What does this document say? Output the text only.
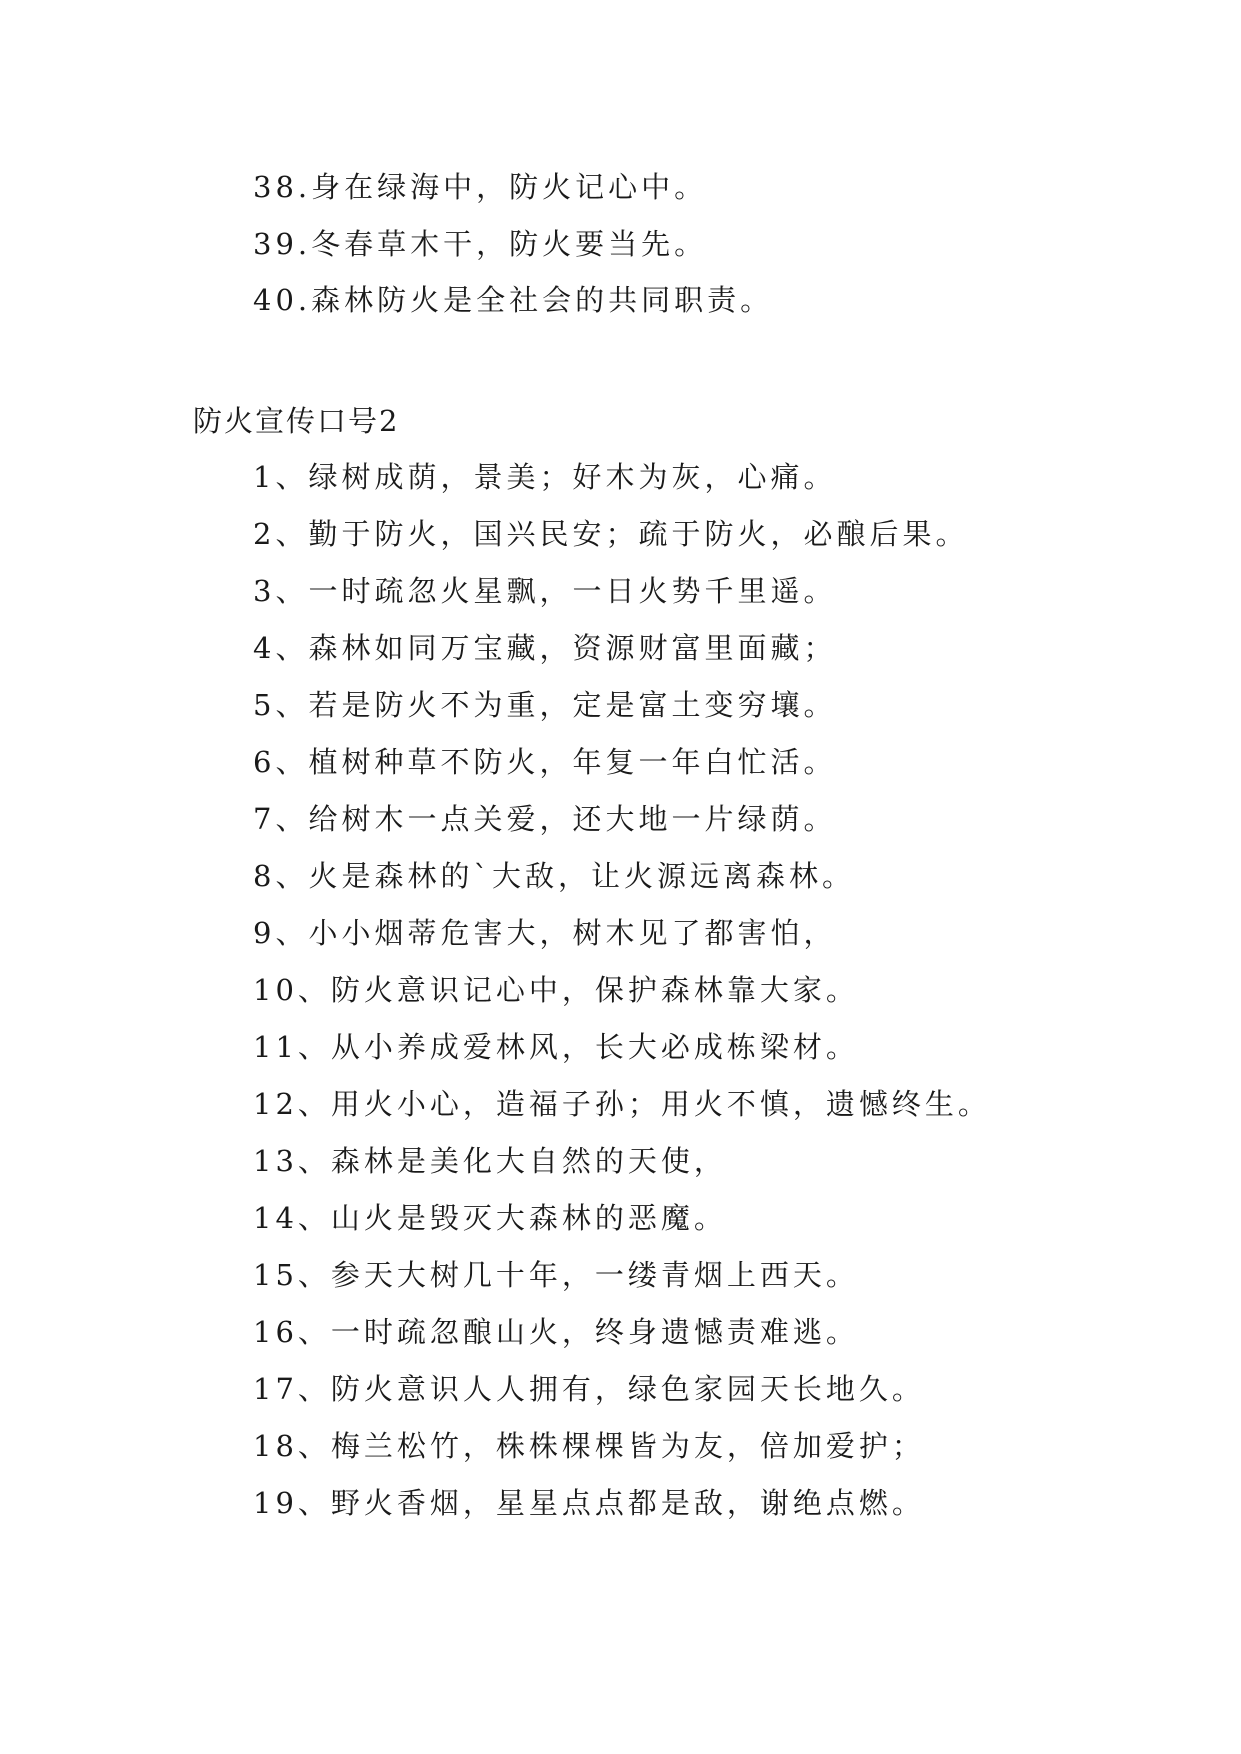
38.身在绿海中，防火记心中。
39.冬春草木干，防火要当先。
40.森林防火是全社会的共同职责。
防火宣传口号2
1、绿树成荫，景美；好木为灰，心痛。
2、勤于防火，国兴民安；疏于防火，必酿后果。
3、一时疏忽火星飘，一日火势千里遥。
4、森林如同万宝藏，资源财富里面藏；
5、若是防火不为重，定是富土变穷壤。
6、植树种草不防火，年复一年白忙活。
7、给树木一点关爱，还大地一片绿荫。
8、火是森林的`大敌，让火源远离森林。
9、小小烟蒂危害大，树木见了都害怕，
10、防火意识记心中，保护森林靠大家。
11、从小养成爱林风，长大必成栋梁材。
12、用火小心，造福子孙；用火不慎，遗憾终生。
13、森林是美化大自然的天使，
14、山火是毁灭大森林的恶魔。
15、参天大树几十年，一缕青烟上西天。
16、一时疏忽酿山火，终身遗憾责难逃。
17、防火意识人人拥有，绿色家园天长地久。
18、梅兰松竹，株株棵棵皆为友，倍加爱护；
19、野火香烟，星星点点都是敌，谢绝点燃。
